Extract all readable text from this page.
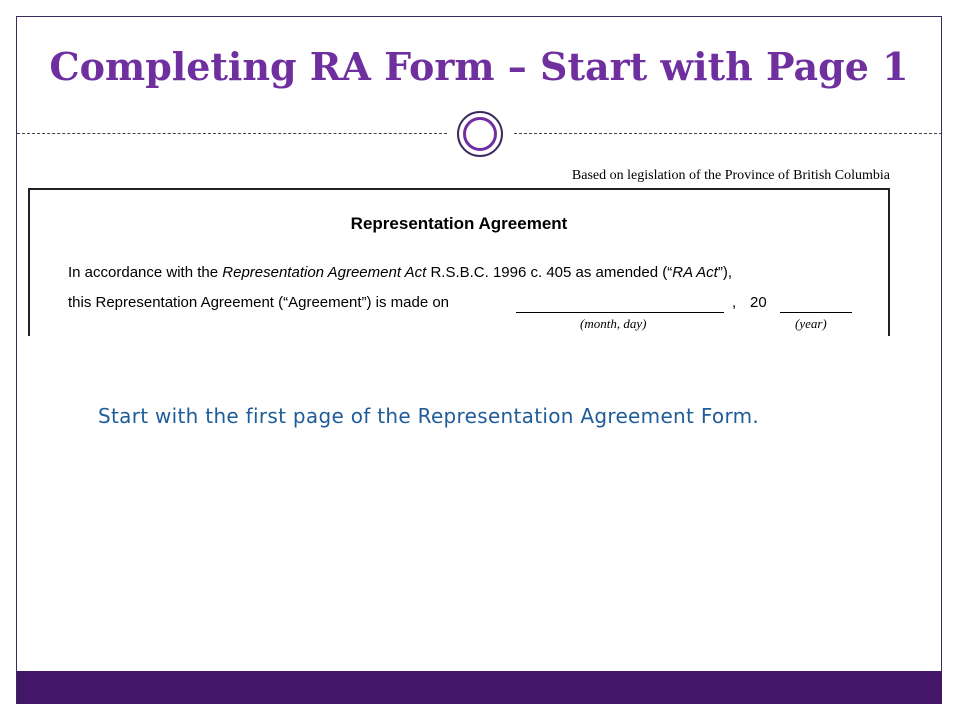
Completing RA Form – Start with Page 1
Based on legislation of the Province of British Columbia
Representation Agreement
In accordance with the Representation Agreement Act R.S.B.C. 1996 c. 405 as amended (“RA Act”),
this Representation Agreement (“Agreement”) is made on	, 20
(month, day)	(year)
Start with the first page of the Representation Agreement Form.
